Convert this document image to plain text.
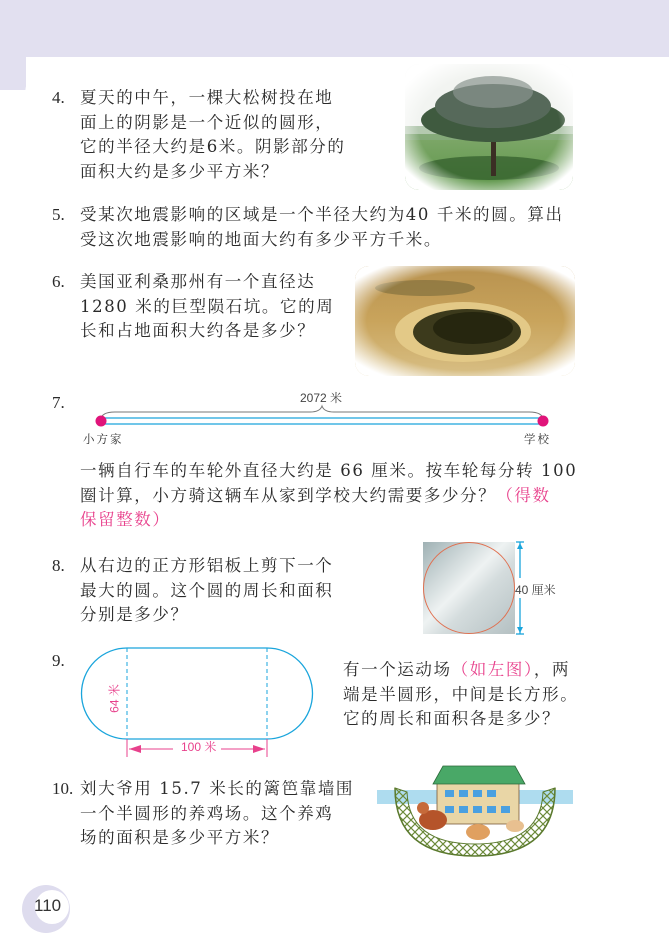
4. 夏天的中午，一棵大松树投在地
面上的阴影是一个近似的圆形，
它的半径大约是6米。阴影部分的
面积大约是多少平方米？
5. 受某次地震影响的区域是一个半径大约为40 千米的圆。算出
受这次地震影响的地面大约有多少平方千米。
6. 美国亚利桑那州有一个直径达
1280 米的巨型陨石坑。它的周
长和占地面积大约各是多少？
7.	2072 米
小方家	学校
一辆自行车的车轮外直径大约是 66 厘米。按车轮每分转 100
圈计算，小方骑这辆车从家到学校大约需要多少分？（得数
保留整数）
8. 从右边的正方形铝板上剪下一个
最大的圆。这个圆的周长和面积
分别是多少？
40 厘米
9.
100 米
64 米
有一个运动场（如左图），两
端是半圆形，中间是长方形。
它的周长和面积各是多少？
10. 刘大爷用 15.7 米长的篱笆靠墙围
一个半圆形的养鸡场。这个养鸡
场的面积是多少平方米？
110
